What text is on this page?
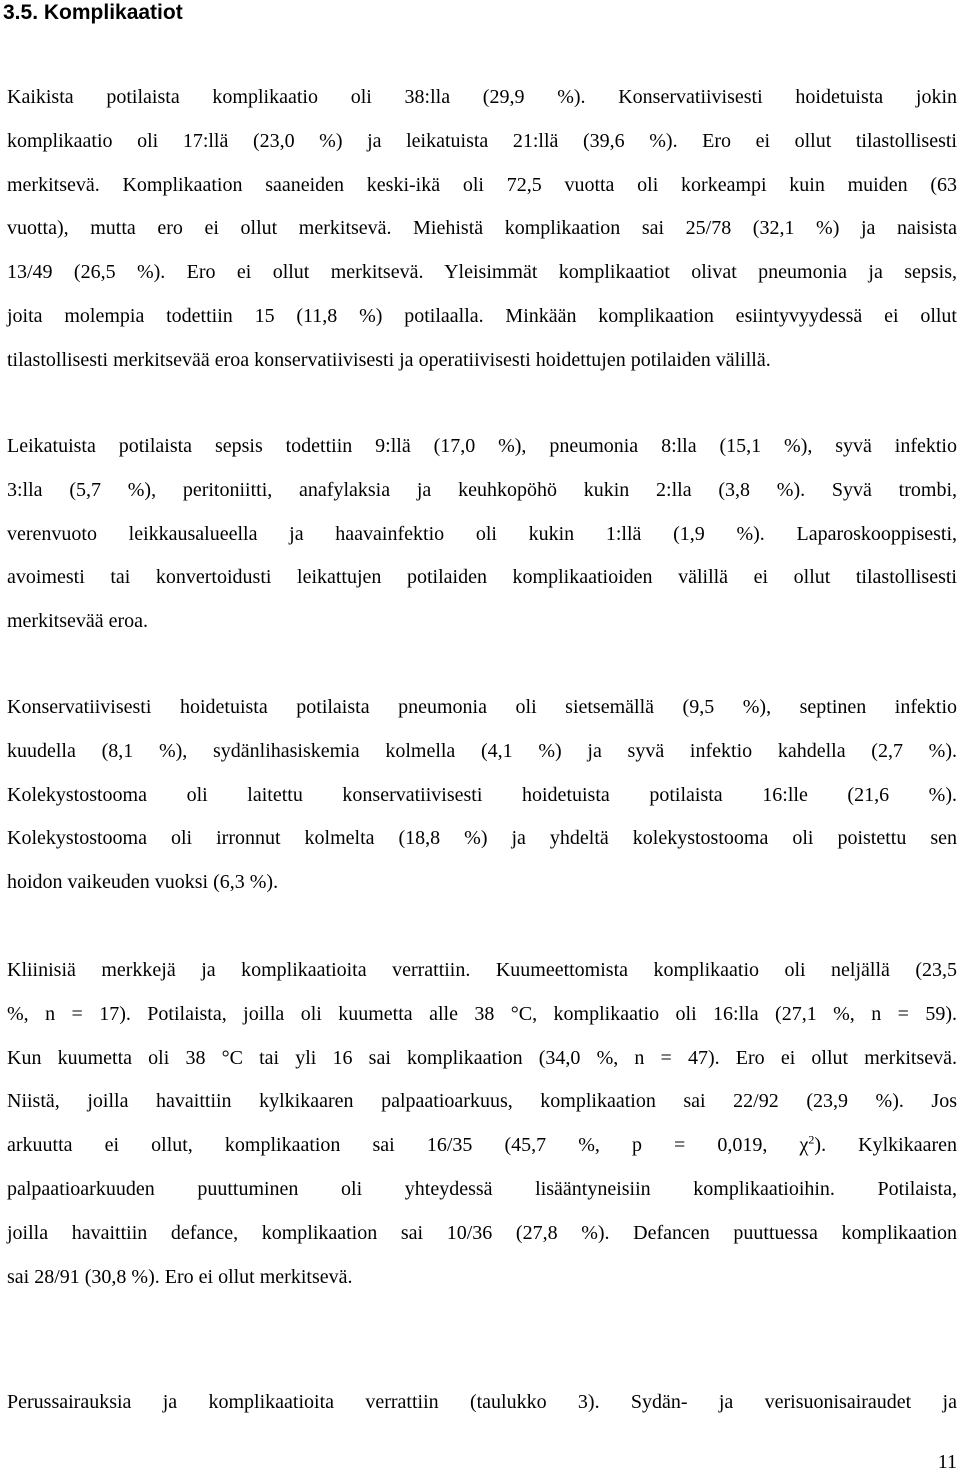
3.5. Komplikaatiot
Kaikista potilaista komplikaatio oli 38:lla (29,9 %). Konservatiivisesti hoidetuista jokin
komplikaatio oli 17:llä (23,0 %) ja leikatuista 21:llä (39,6 %). Ero ei ollut tilastollisesti
merkitsevä. Komplikaation saaneiden keski-ikä oli 72,5 vuotta oli korkeampi kuin muiden (63
vuotta), mutta ero ei ollut merkitsevä. Miehistä komplikaation sai 25/78 (32,1 %) ja naisista
13/49 (26,5 %). Ero ei ollut merkitsevä. Yleisimmät komplikaatiot olivat pneumonia ja sepsis,
joita molempia todettiin 15 (11,8 %) potilaalla. Minkään komplikaation esiintyvyydessä ei ollut
tilastollisesti merkitsevää eroa konservatiivisesti ja operatiivisesti hoidettujen potilaiden välillä.
Leikatuista potilaista sepsis todettiin 9:llä (17,0 %), pneumonia 8:lla (15,1 %), syvä infektio
3:lla (5,7 %), peritoniitti, anafylaksia ja keuhkopöhö kukin 2:lla (3,8 %). Syvä trombi,
verenvuoto leikkausalueella ja haavainfektio oli kukin 1:llä (1,9 %). Laparoskooppisesti,
avoimesti tai konvertoidusti leikattujen potilaiden komplikaatioiden välillä ei ollut tilastollisesti
merkitsevää eroa.
Konservatiivisesti hoidetuista potilaista pneumonia oli sietsemällä (9,5 %), septinen infektio
kuudella (8,1 %), sydänlihasiskemia kolmella (4,1 %) ja syvä infektio kahdella (2,7 %).
Kolekystostooma oli laitettu konservatiivisesti hoidetuista potilaista 16:lle (21,6 %).
Kolekystostooma oli irronnut kolmelta (18,8 %) ja yhdeltä kolekystostooma oli poistettu sen
hoidon vaikeuden vuoksi (6,3 %).
Kliinisiä merkkejä ja komplikaatioita verrattiin. Kuumeettomista komplikaatio oli neljällä (23,5
%, n = 17). Potilaista, joilla oli kuumetta alle 38 °C, komplikaatio oli 16:lla (27,1 %, n = 59).
Kun kuumetta oli 38 °C tai yli 16 sai komplikaation (34,0 %, n = 47). Ero ei ollut merkitsevä.
Niistä, joilla havaittiin kylkikaaren palpaatioarkuus, komplikaation sai 22/92 (23,9 %). Jos
arkuutta ei ollut, komplikaation sai 16/35 (45,7 %, p = 0,019, $\chi^2$). Kylkikaaren
palpaatioarkuuden puuttuminen oli yhteydessä lisääntyneisiin komplikaatioihin. Potilaista,
joilla havaittiin defance, komplikaation sai 10/36 (27,8 %). Defancen puuttuessa komplikaation
sai 28/91 (30,8 %). Ero ei ollut merkitsevä.
Perussairauksia ja komplikaatioita verrattiin (taulukko 3). Sydän- ja verisuonisairaudet ja
11
